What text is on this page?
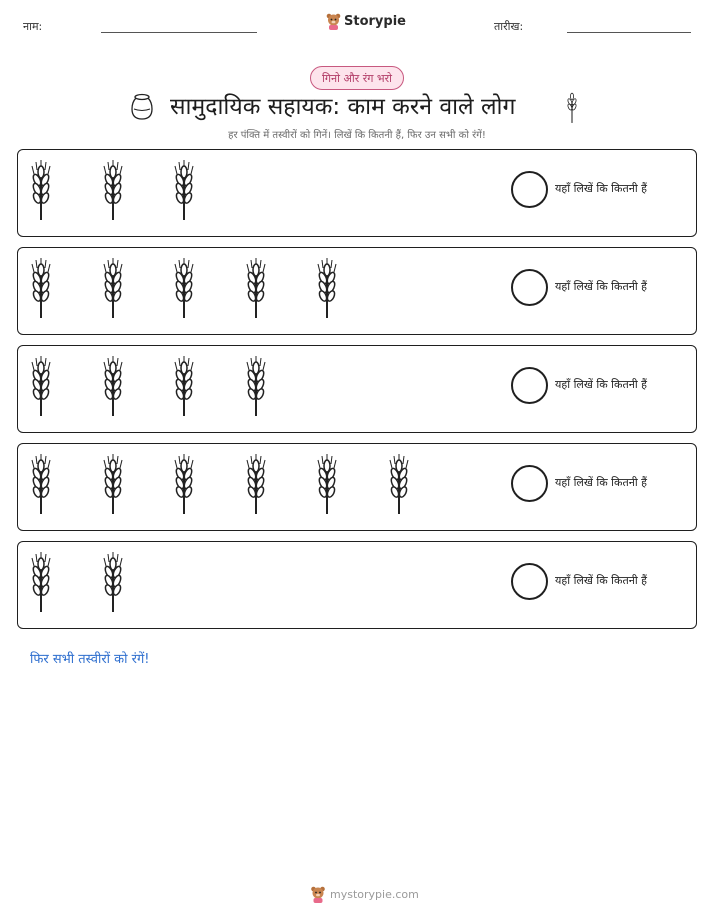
नाम:	Storypie	तारीख:
गिनो और रंग भरो
सामुदायिक सहायक: काम करने वाले लोग
हर पंक्ति में तस्वीरों को गिनें। लिखें कि कितनी हैं, फिर उन सभी को रंगें!
यहाँ लिखें कि कितनी हैं
यहाँ लिखें कि कितनी हैं
यहाँ लिखें कि कितनी हैं
यहाँ लिखें कि कितनी हैं
यहाँ लिखें कि कितनी हैं
फिर सभी तस्वीरों को रंगें!
mystorypie.com
